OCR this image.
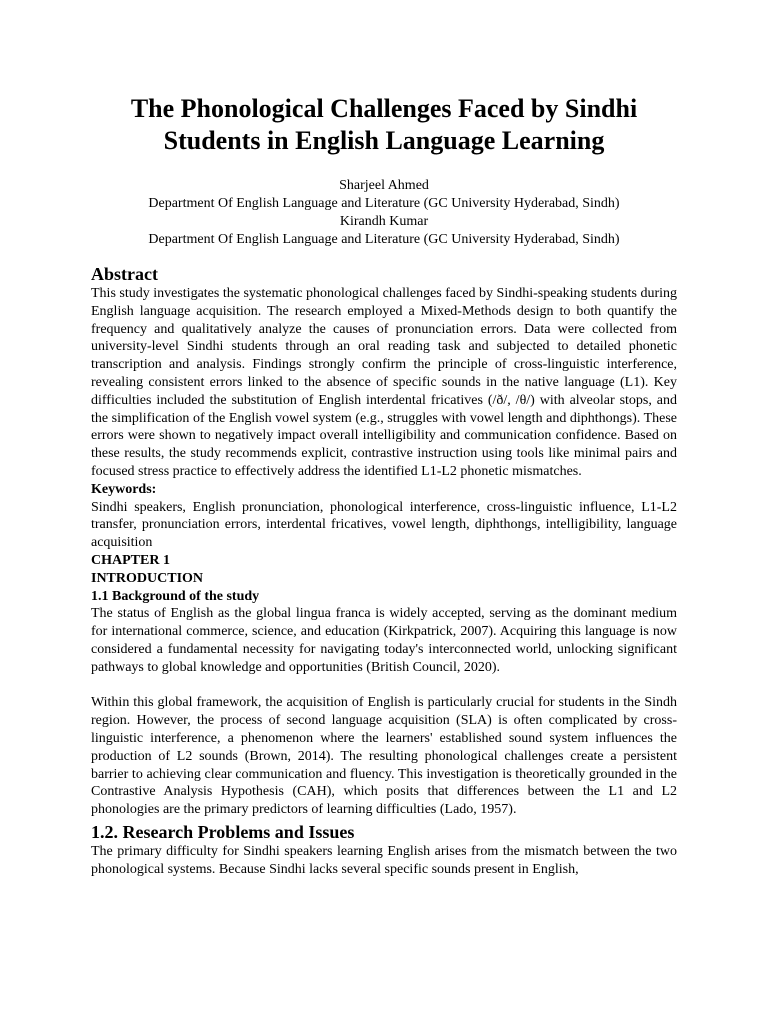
The Phonological Challenges Faced by Sindhi Students in English Language Learning
Sharjeel Ahmed
Department Of English Language and Literature (GC University Hyderabad, Sindh)
Kirandh Kumar
Department Of English Language and Literature (GC University Hyderabad, Sindh)
Abstract

This study investigates the systematic phonological challenges faced by Sindhi-speaking students during English language acquisition. The research employed a Mixed-Methods design to both quantify the frequency and qualitatively analyze the causes of pronunciation errors. Data were collected from university-level Sindhi students through an oral reading task and subjected to detailed phonetic transcription and analysis. Findings strongly confirm the principle of cross-linguistic interference, revealing consistent errors linked to the absence of specific sounds in the native language (L1). Key difficulties included the substitution of English interdental fricatives (/ð/, /θ/) with alveolar stops, and the simplification of the English vowel system (e.g., struggles with vowel length and diphthongs). These errors were shown to negatively impact overall intelligibility and communication confidence. Based on these results, the study recommends explicit, contrastive instruction using tools like minimal pairs and focused stress practice to effectively address the identified L1-L2 phonetic mismatches.

Keywords:

Sindhi speakers, English pronunciation, phonological interference, cross-linguistic influence, L1-L2 transfer, pronunciation errors, interdental fricatives, vowel length, diphthongs, intelligibility, language acquisition

CHAPTER 1

INTRODUCTION

1.1 Background of the study

The status of English as the global lingua franca is widely accepted, serving as the dominant medium for international commerce, science, and education (Kirkpatrick, 2007). Acquiring this language is now considered a fundamental necessity for navigating today's interconnected world, unlocking significant pathways to global knowledge and opportunities (British Council, 2020).

Within this global framework, the acquisition of English is particularly crucial for students in the Sindh region. However, the process of second language acquisition (SLA) is often complicated by cross-linguistic interference, a phenomenon where the learners' established sound system influences the production of L2 sounds (Brown, 2014). The resulting phonological challenges create a persistent barrier to achieving clear communication and fluency. This investigation is theoretically grounded in the Contrastive Analysis Hypothesis (CAH), which posits that differences between the L1 and L2 phonologies are the primary predictors of learning difficulties (Lado, 1957).

1.2. Research Problems and Issues

The primary difficulty for Sindhi speakers learning English arises from the mismatch between the two phonological systems. Because Sindhi lacks several specific sounds present in English,
